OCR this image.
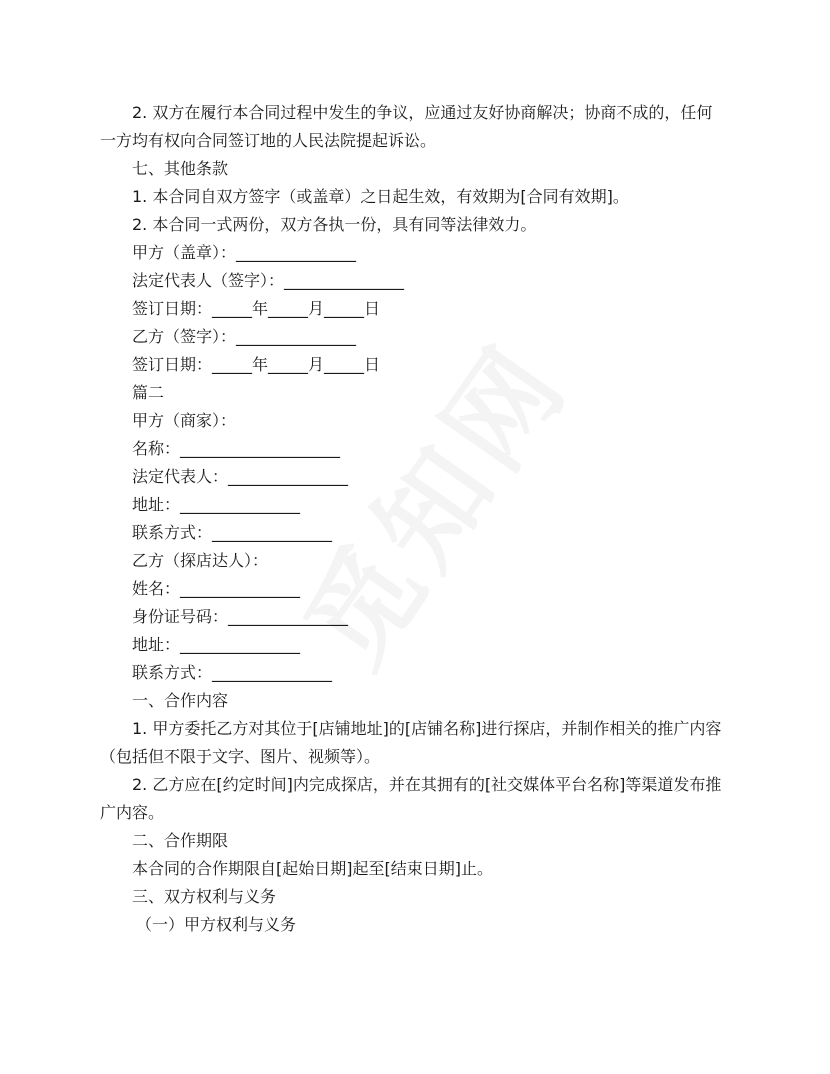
2. 双方在履行本合同过程中发生的争议，应通过友好协商解决；协商不成的，任何
一方均有权向合同签订地的人民法院提起诉讼。
七、其他条款
1. 本合同自双方签字（或盖章）之日起生效，有效期为[合同有效期]。
2. 本合同一式两份，双方各执一份，具有同等法律效力。
甲方（盖章）：_______________
法定代表人（签字）：_______________
签订日期：_____年_____月_____日
乙方（签字）：_______________
签订日期：_____年_____月_____日
篇二
甲方（商家）：
名称：____________________
法定代表人：_______________
地址：_______________
联系方式：_______________
乙方（探店达人）：
姓名：_______________
身份证号码：_______________
地址：_______________
联系方式：_______________
一、合作内容
1. 甲方委托乙方对其位于[店铺地址]的[店铺名称]进行探店，并制作相关的推广内容
（包括但不限于文字、图片、视频等）。
2. 乙方应在[约定时间]内完成探店，并在其拥有的[社交媒体平台名称]等渠道发布推
广内容。
二、合作期限
本合同的合作期限自[起始日期]起至[结束日期]止。
三、双方权利与义务
（一）甲方权利与义务
